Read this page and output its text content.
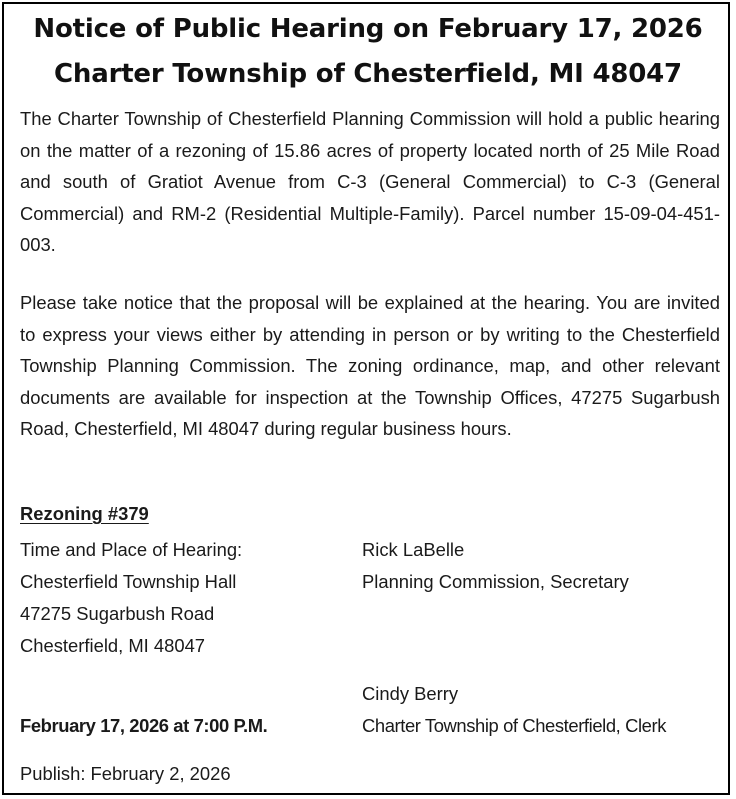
Notice of Public Hearing on February 17, 2026
Charter Township of Chesterfield, MI 48047

The Charter Township of Chesterfield Planning Commission will hold a public hearing on the matter of a rezoning of 15.86 acres of property located north of 25 Mile Road and south of Gratiot Avenue from C-3 (General Commercial) to C-3 (General Commercial) and RM-2 (Residential Multiple-Family). Parcel number 15-09-04-451-003.

Please take notice that the proposal will be explained at the hearing. You are invited to express your views either by attending in person or by writing to the Chesterfield Township Planning Commission. The zoning ordinance, map, and other relevant documents are available for inspection at the Township Offices, 47275 Sugarbush Road, Chesterfield, MI 48047 during regular business hours.

Rezoning #379
Time and Place of Hearing:
Chesterfield Township Hall
47275 Sugarbush Road
Chesterfield, MI 48047
February 17, 2026 at 7:00 P.M.
Rick LaBelle
Planning Commission, Secretary
Cindy Berry
Charter Township of Chesterfield, Clerk
Publish: February 2, 2026
